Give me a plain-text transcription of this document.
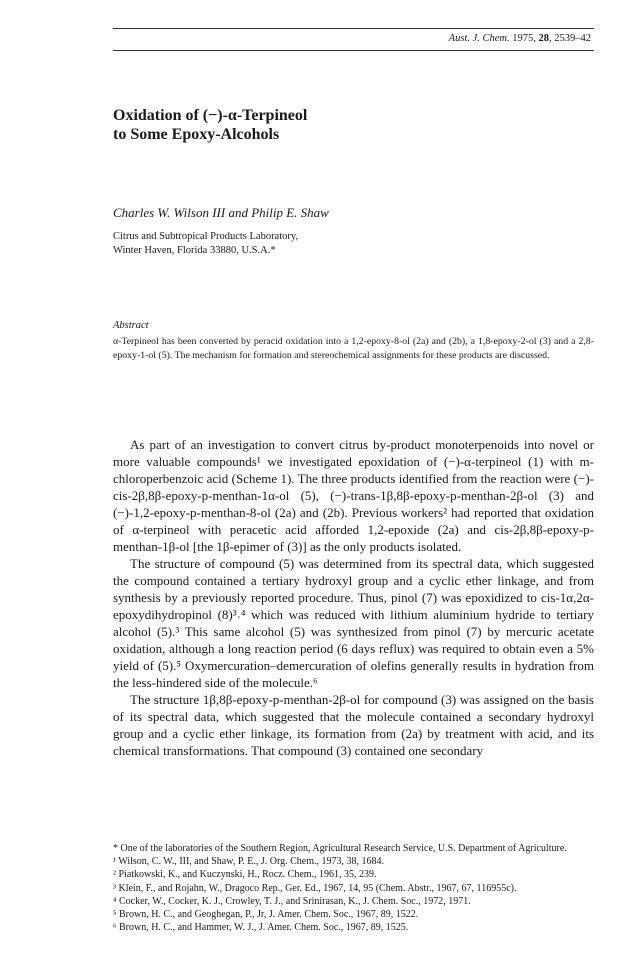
Aust. J. Chem. 1975, 28, 2539–42
Oxidation of (−)-α-Terpineol
to Some Epoxy-Alcohols
Charles W. Wilson III and Philip E. Shaw
Citrus and Subtropical Products Laboratory,
Winter Haven, Florida 33880, U.S.A.*
Abstract
α-Terpineol has been converted by peracid oxidation into a 1,2-epoxy-8-ol (2a) and (2b), a 1,8-epoxy-2-ol (3) and a 2,8-epoxy-1-ol (5). The mechanism for formation and stereochemical assignments for these products are discussed.

As part of an investigation to convert citrus by-product monoterpenoids into novel or more valuable compounds¹ we investigated epoxidation of (−)-α-terpineol (1) with m-chloroperbenzoic acid (Scheme 1). The three products identified from the reaction were (−)-cis-2β,8β-epoxy-p-menthan-1α-ol (5), (−)-trans-1β,8β-epoxy-p-menthan-2β-ol (3) and (−)-1,2-epoxy-p-menthan-8-ol (2a) and (2b). Previous workers² had reported that oxidation of α-terpineol with peracetic acid afforded 1,2-epoxide (2a) and cis-2β,8β-epoxy-p-menthan-1β-ol [the 1β-epimer of (3)] as the only products isolated.

The structure of compound (5) was determined from its spectral data, which suggested the compound contained a tertiary hydroxyl group and a cyclic ether linkage, and from synthesis by a previously reported procedure. Thus, pinol (7) was epoxidized to cis-1α,2α-epoxydihydropinol (8)³˒⁴ which was reduced with lithium aluminium hydride to tertiary alcohol (5).³ This same alcohol (5) was synthesized from pinol (7) by mercuric acetate oxidation, although a long reaction period (6 days reflux) was required to obtain even a 5% yield of (5).⁵ Oxymercuration–demercuration of olefins generally results in hydration from the less-hindered side of the molecule.⁶

The structure 1β,8β-epoxy-p-menthan-2β-ol for compound (3) was assigned on the basis of its spectral data, which suggested that the molecule contained a secondary hydroxyl group and a cyclic ether linkage, its formation from (2a) by treatment with acid, and its chemical transformations. That compound (3) contained one secondary

* One of the laboratories of the Southern Region, Agricultural Research Service, U.S. Department of Agriculture.
¹ Wilson, C. W., III, and Shaw, P. E., J. Org. Chem., 1973, 38, 1684.
² Piatkowski, K., and Kuczynski, H., Rocz. Chem., 1961, 35, 239.
³ Klein, F., and Rojahn, W., Dragoco Rep., Ger. Ed., 1967, 14, 95 (Chem. Abstr., 1967, 67, 116955c).
⁴ Cocker, W., Cocker, K. J., Crowley, T. J., and Srinirasan, K., J. Chem. Soc., 1972, 1971.
⁵ Brown, H. C., and Geoghegan, P., Jr, J. Amer. Chem. Soc., 1967, 89, 1522.
⁶ Brown, H. C., and Hammer, W. J., J. Amer. Chem. Soc., 1967, 89, 1525.
